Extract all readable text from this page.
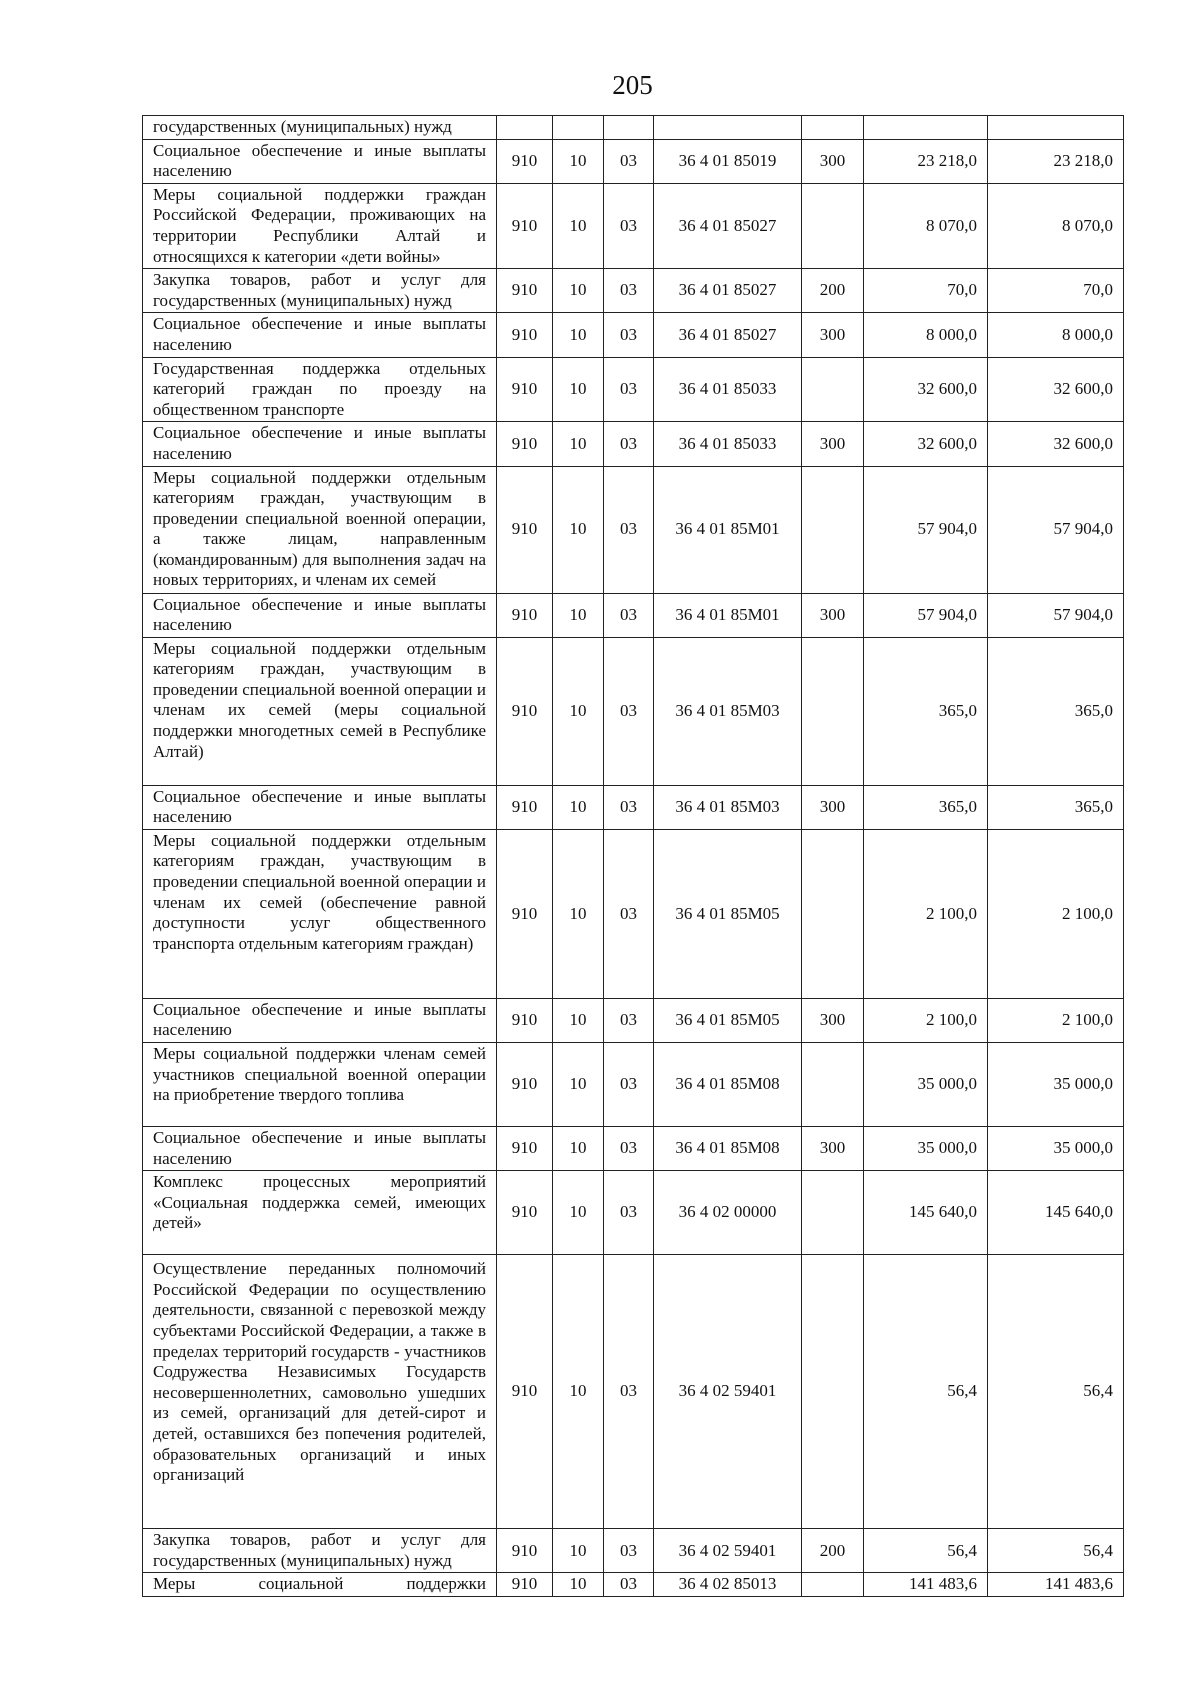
205
государственных (муниципальных) нужд							
Социальное обеспечение и иные выплаты населению	910	10	03	36 4 01 85019	300	23 218,0	23 218,0
Меры социальной поддержки граждан Российской Федерации, проживающих на территории Республики Алтай и относящихся к категории «дети войны»	910	10	03	36 4 01 85027		8 070,0	8 070,0
Закупка товаров, работ и услуг для государственных (муниципальных) нужд	910	10	03	36 4 01 85027	200	70,0	70,0
Социальное обеспечение и иные выплаты населению	910	10	03	36 4 01 85027	300	8 000,0	8 000,0
Государственная поддержка отдельных категорий граждан по проезду на общественном транспорте	910	10	03	36 4 01 85033		32 600,0	32 600,0
Социальное обеспечение и иные выплаты населению	910	10	03	36 4 01 85033	300	32 600,0	32 600,0
Меры социальной поддержки отдельным категориям граждан, участвующим в проведении специальной военной операции, а также лицам, направленным (командированным) для выполнения задач на новых территориях, и членам их семей	910	10	03	36 4 01 85М01		57 904,0	57 904,0
Социальное обеспечение и иные выплаты населению	910	10	03	36 4 01 85М01	300	57 904,0	57 904,0
Меры социальной поддержки отдельным категориям граждан, участвующим в проведении специальной военной операции и членам их семей (меры социальной поддержки многодетных семей в Республике Алтай)	910	10	03	36 4 01 85М03		365,0	365,0
Социальное обеспечение и иные выплаты населению	910	10	03	36 4 01 85М03	300	365,0	365,0
Меры социальной поддержки отдельным категориям граждан, участвующим в проведении специальной военной операции и членам их семей (обеспечение равной доступности услуг общественного транспорта отдельным категориям граждан)	910	10	03	36 4 01 85М05		2 100,0	2 100,0
Социальное обеспечение и иные выплаты населению	910	10	03	36 4 01 85М05	300	2 100,0	2 100,0
Меры социальной поддержки членам семей участников специальной военной операции на приобретение твердого топлива	910	10	03	36 4 01 85М08		35 000,0	35 000,0
Социальное обеспечение и иные выплаты населению	910	10	03	36 4 01 85М08	300	35 000,0	35 000,0
Комплекс процессных мероприятий «Социальная поддержка семей, имеющих детей»	910	10	03	36 4 02 00000		145 640,0	145 640,0
Осуществление переданных полномочий Российской Федерации по осуществлению деятельности, связанной с перевозкой между субъектами Российской Федерации, а также в пределах территорий государств - участников Содружества Независимых Государств несовершеннолетних, самовольно ушедших из семей, организаций для детей-сирот и детей, оставшихся без попечения родителей, образовательных организаций и иных организаций	910	10	03	36 4 02 59401		56,4	56,4
Закупка товаров, работ и услуг для государственных (муниципальных) нужд	910	10	03	36 4 02 59401	200	56,4	56,4
Меры социальной поддержки	910	10	03	36 4 02 85013		141 483,6	141 483,6
